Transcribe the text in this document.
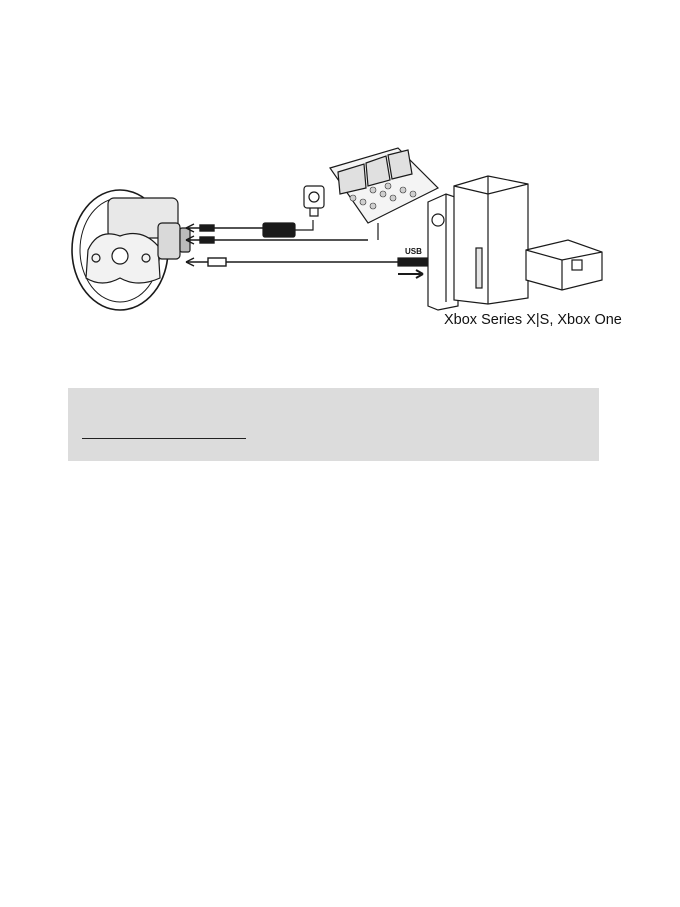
USB
Xbox Series X|S, Xbox One
